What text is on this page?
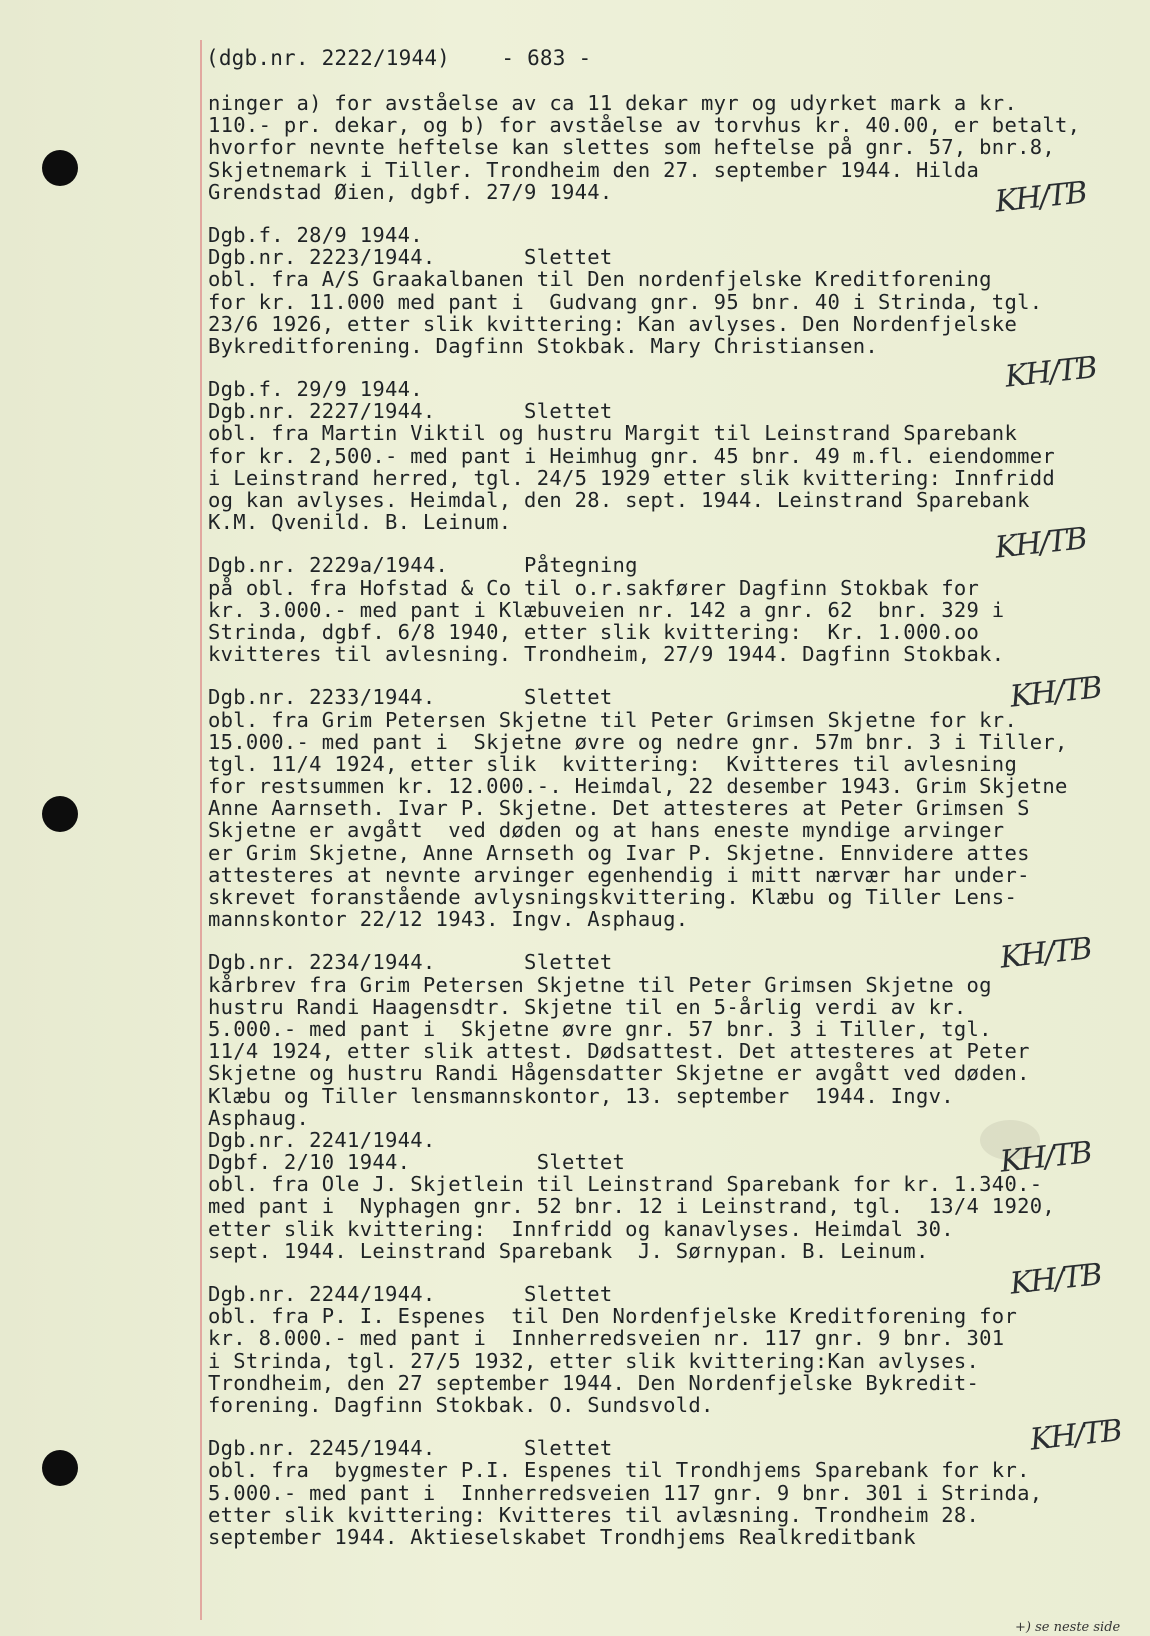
(dgb.nr. 2222/1944)    - 683 -
ninger a) for avståelse av ca 11 dekar myr og udyrket mark a kr.
110.- pr. dekar, og b) for avståelse av torvhus kr. 40.00, er betalt,
hvorfor nevnte heftelse kan slettes som heftelse på gnr. 57, bnr.8,
Skjetnemark i Tiller. Trondheim den 27. september 1944. Hilda
Grendstad Øien, dgbf. 27/9 1944.
Dgb.f. 28/9 1944.
Dgb.nr. 2223/1944.       Slettet
obl. fra A/S Graakalbanen til Den nordenfjelske Kreditforening
for kr. 11.000 med pant i  Gudvang gnr. 95 bnr. 40 i Strinda, tgl.
23/6 1926, etter slik kvittering: Kan avlyses. Den Nordenfjelske
Bykreditforening. Dagfinn Stokbak. Mary Christiansen.
Dgb.f. 29/9 1944.
Dgb.nr. 2227/1944.       Slettet
obl. fra Martin Viktil og hustru Margit til Leinstrand Sparebank
for kr. 2,500.- med pant i Heimhug gnr. 45 bnr. 49 m.fl. eiendommer
i Leinstrand herred, tgl. 24/5 1929 etter slik kvittering: Innfridd
og kan avlyses. Heimdal, den 28. sept. 1944. Leinstrand Sparebank
K.M. Qvenild. B. Leinum.
Dgb.nr. 2229a/1944.      Påtegning
på obl. fra Hofstad & Co til o.r.sakfører Dagfinn Stokbak for
kr. 3.000.- med pant i Klæbuveien nr. 142 a gnr. 62  bnr. 329 i
Strinda, dgbf. 6/8 1940, etter slik kvittering:  Kr. 1.000.oo
kvitteres til avlesning. Trondheim, 27/9 1944. Dagfinn Stokbak.
Dgb.nr. 2233/1944.       Slettet
obl. fra Grim Petersen Skjetne til Peter Grimsen Skjetne for kr.
15.000.- med pant i  Skjetne øvre og nedre gnr. 57m bnr. 3 i Tiller,
tgl. 11/4 1924, etter slik  kvittering:  Kvitteres til avlesning
for restsummen kr. 12.000.-. Heimdal, 22 desember 1943. Grim Skjetne
Anne Aarnseth. Ivar P. Skjetne. Det attesteres at Peter Grimsen S
Skjetne er avgått  ved døden og at hans eneste myndige arvinger
er Grim Skjetne, Anne Arnseth og Ivar P. Skjetne. Ennvidere attes
attesteres at nevnte arvinger egenhendig i mitt nærvær har under-
skrevet foranstående avlysningskvittering. Klæbu og Tiller Lens-
mannskontor 22/12 1943. Ingv. Asphaug.
Dgb.nr. 2234/1944.       Slettet
kårbrev fra Grim Petersen Skjetne til Peter Grimsen Skjetne og
hustru Randi Haagensdtr. Skjetne til en 5-årlig verdi av kr.
5.000.- med pant i  Skjetne øvre gnr. 57 bnr. 3 i Tiller, tgl.
11/4 1924, etter slik attest. Dødsattest. Det attesteres at Peter
Skjetne og hustru Randi Hågensdatter Skjetne er avgått ved døden.
Klæbu og Tiller lensmannskontor, 13. september  1944. Ingv.
Asphaug.
Dgb.nr. 2241/1944.
Dgbf. 2/10 1944.          Slettet
obl. fra Ole J. Skjetlein til Leinstrand Sparebank for kr. 1.340.-
med pant i  Nyphagen gnr. 52 bnr. 12 i Leinstrand, tgl.  13/4 1920,
etter slik kvittering:  Innfridd og kanavlyses. Heimdal 30.
sept. 1944. Leinstrand Sparebank  J. Sørnypan. B. Leinum.
Dgb.nr. 2244/1944.       Slettet
obl. fra P. I. Espenes  til Den Nordenfjelske Kreditforening for
kr. 8.000.- med pant i  Innherredsveien nr. 117 gnr. 9 bnr. 301
i Strinda, tgl. 27/5 1932, etter slik kvittering:Kan avlyses.
Trondheim, den 27 september 1944. Den Nordenfjelske Bykredit-
forening. Dagfinn Stokbak. O. Sundsvold.
Dgb.nr. 2245/1944.       Slettet
obl. fra  bygmester P.I. Espenes til Trondhjems Sparebank for kr.
5.000.- med pant i  Innherredsveien 117 gnr. 9 bnr. 301 i Strinda,
etter slik kvittering: Kvitteres til avlæsning. Trondheim 28.
september 1944. Aktieselskabet Trondhjems Realkreditbank
KH/TB
KH/TB
KH/TB
KH/TB
KH/TB
KH/TB
KH/TB
KH/TB
+) se neste side
